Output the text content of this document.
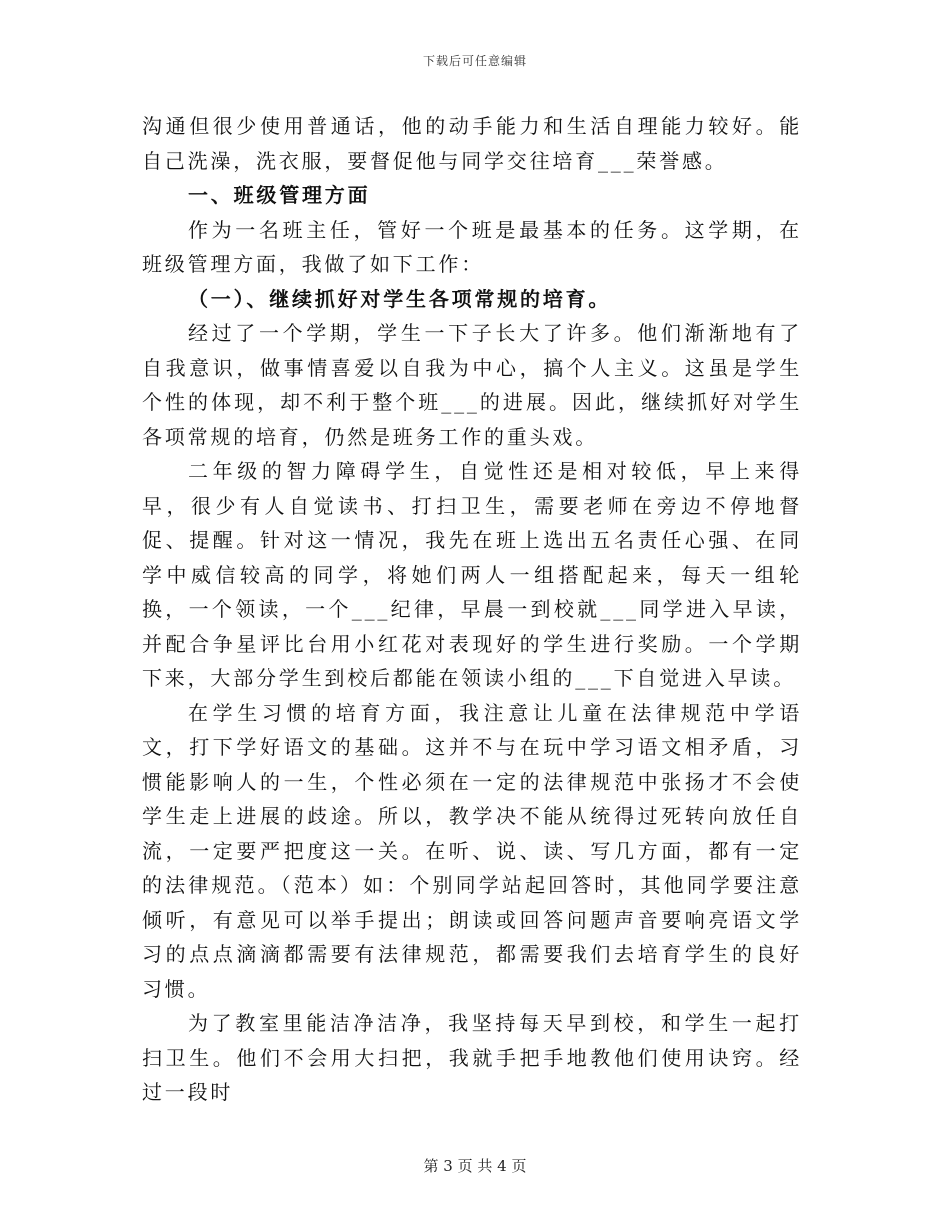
下载后可任意编辑

沟通但很少使用普通话，他的动手能力和生活自理能力较好。能自己洗澡，洗衣服，要督促他与同学交往培育___荣誉感。

一、班级管理方面

作为一名班主任，管好一个班是最基本的任务。这学期，在班级管理方面，我做了如下工作：

（一）、继续抓好对学生各项常规的培育。

经过了一个学期，学生一下子长大了许多。他们渐渐地有了自我意识，做事情喜爱以自我为中心，搞个人主义。这虽是学生个性的体现，却不利于整个班___的进展。因此，继续抓好对学生各项常规的培育，仍然是班务工作的重头戏。

二年级的智力障碍学生，自觉性还是相对较低，早上来得早，很少有人自觉读书、打扫卫生，需要老师在旁边不停地督促、提醒。针对这一情况，我先在班上选出五名责任心强、在同学中威信较高的同学，将她们两人一组搭配起来，每天一组轮换，一个领读，一个___纪律，早晨一到校就___同学进入早读，并配合争星评比台用小红花对表现好的学生进行奖励。一个学期下来，大部分学生到校后都能在领读小组的___下自觉进入早读。

在学生习惯的培育方面，我注意让儿童在法律规范中学语文，打下学好语文的基础。这并不与在玩中学习语文相矛盾，习惯能影响人的一生，个性必须在一定的法律规范中张扬才不会使学生走上进展的歧途。所以，教学决不能从统得过死转向放任自流，一定要严把度这一关。在听、说、读、写几方面，都有一定的法律规范。（范本）如：个别同学站起回答时，其他同学要注意倾听，有意见可以举手提出；朗读或回答问题声音要响亮语文学习的点点滴滴都需要有法律规范，都需要我们去培育学生的良好习惯。

为了教室里能洁净洁净，我坚持每天早到校，和学生一起打扫卫生。他们不会用大扫把，我就手把手地教他们使用诀窍。经过一段时

第 3 页 共 4 页
